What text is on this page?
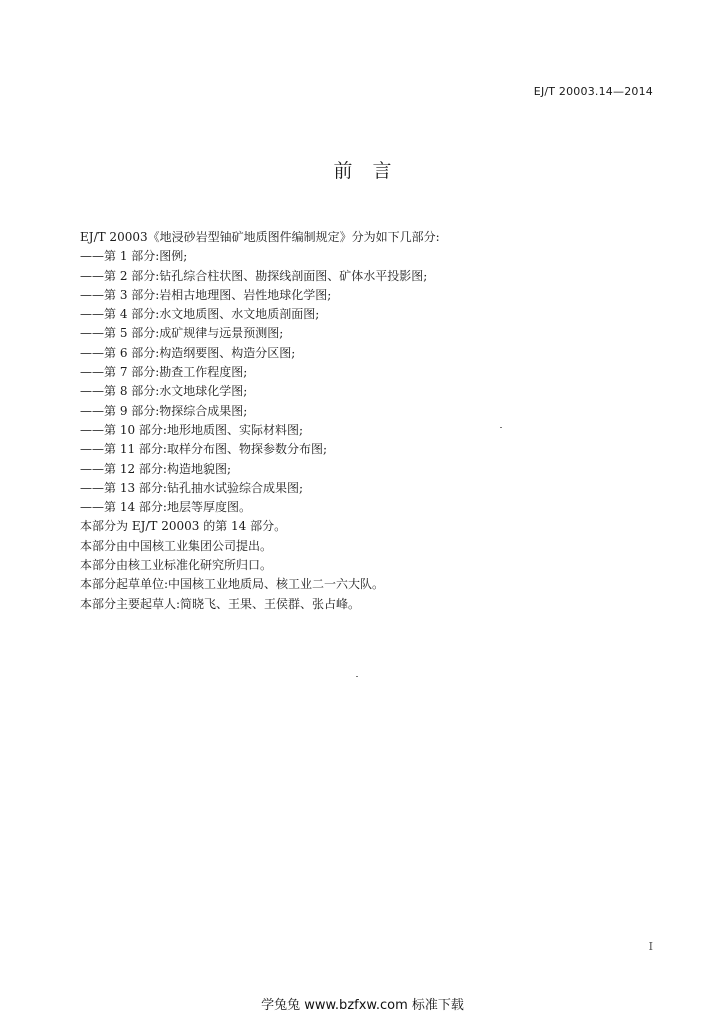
EJ/T 20003.14—2014
前言
EJ/T 20003《地浸砂岩型铀矿地质图件编制规定》分为如下几部分:
——第 1 部分:图例;
——第 2 部分:钻孔综合柱状图、勘探线剖面图、矿体水平投影图;
——第 3 部分:岩相古地理图、岩性地球化学图;
——第 4 部分:水文地质图、水文地质剖面图;
——第 5 部分:成矿规律与远景预测图;
——第 6 部分:构造纲要图、构造分区图;
——第 7 部分:勘查工作程度图;
——第 8 部分:水文地球化学图;
——第 9 部分:物探综合成果图;
——第 10 部分:地形地质图、实际材料图;
——第 11 部分:取样分布图、物探参数分布图;
——第 12 部分:构造地貌图;
——第 13 部分:钻孔抽水试验综合成果图;
——第 14 部分:地层等厚度图。
本部分为 EJ/T 20003 的第 14 部分。
本部分由中国核工业集团公司提出。
本部分由核工业标准化研究所归口。
本部分起草单位:中国核工业地质局、核工业二一六大队。
本部分主要起草人:简晓飞、王果、王侯群、张占峰。
I
学兔兔 www.bzfxw.com 标准下载
